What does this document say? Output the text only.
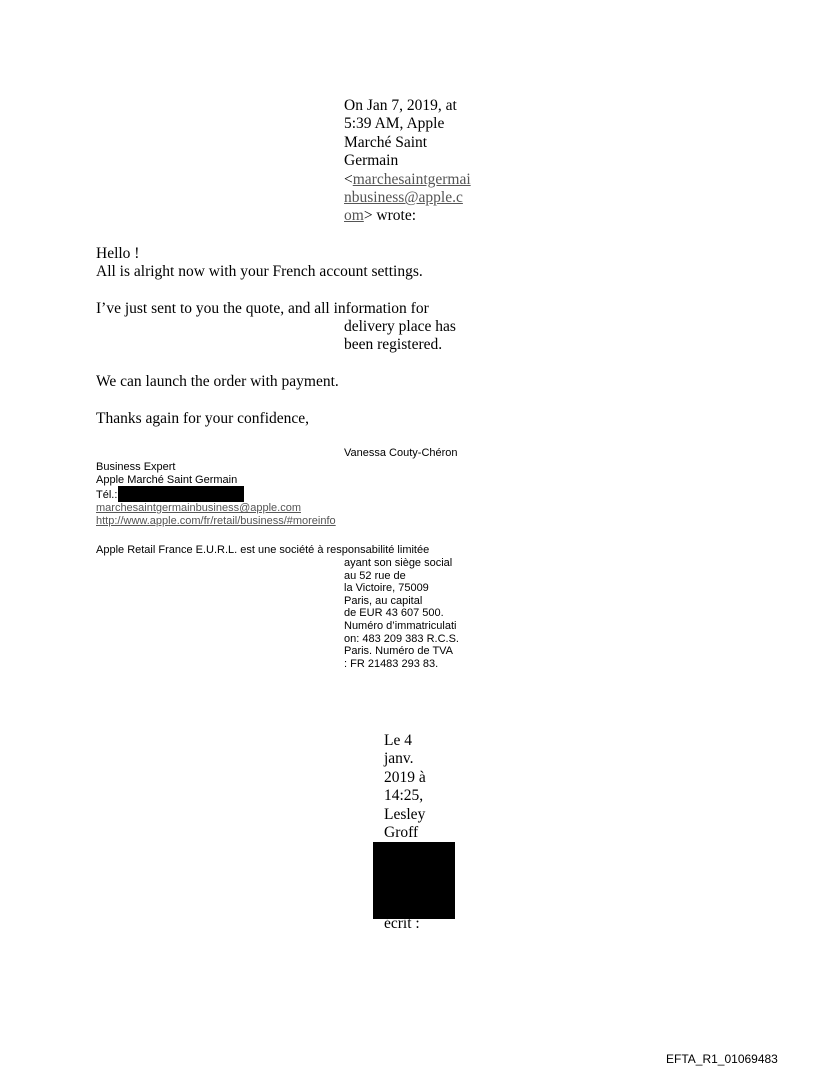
On Jan 7, 2019, at
5:39 AM, Apple
Marché Saint
Germain
<marchesaintgermai
nbusiness@apple.c
om> wrote:
Hello !
All is alright now with your French account settings.
I’ve just sent to you the quote, and all information for
delivery place has
been registered.
We can launch the order with payment.
Thanks again for your confidence,
Vanessa Couty-Chéron
Business Expert
Apple Marché Saint Germain
Tél.:
marchesaintgermainbusiness@apple.com
http://www.apple.com/fr/retail/business/#moreinfo
Apple Retail France E.U.R.L. est une société à responsabilité limitée
ayant son siège social
au 52 rue de
la Victoire, 75009
Paris, au capital
de EUR 43 607 500.
Numéro d’immatriculati
on: 483 209 383 R.C.S.
Paris. Numéro de TVA
: FR 21483 293 83.
Le 4
janv.
2019 à
14:25,
Lesley
Groff
écrit :
EFTA_R1_01069483
